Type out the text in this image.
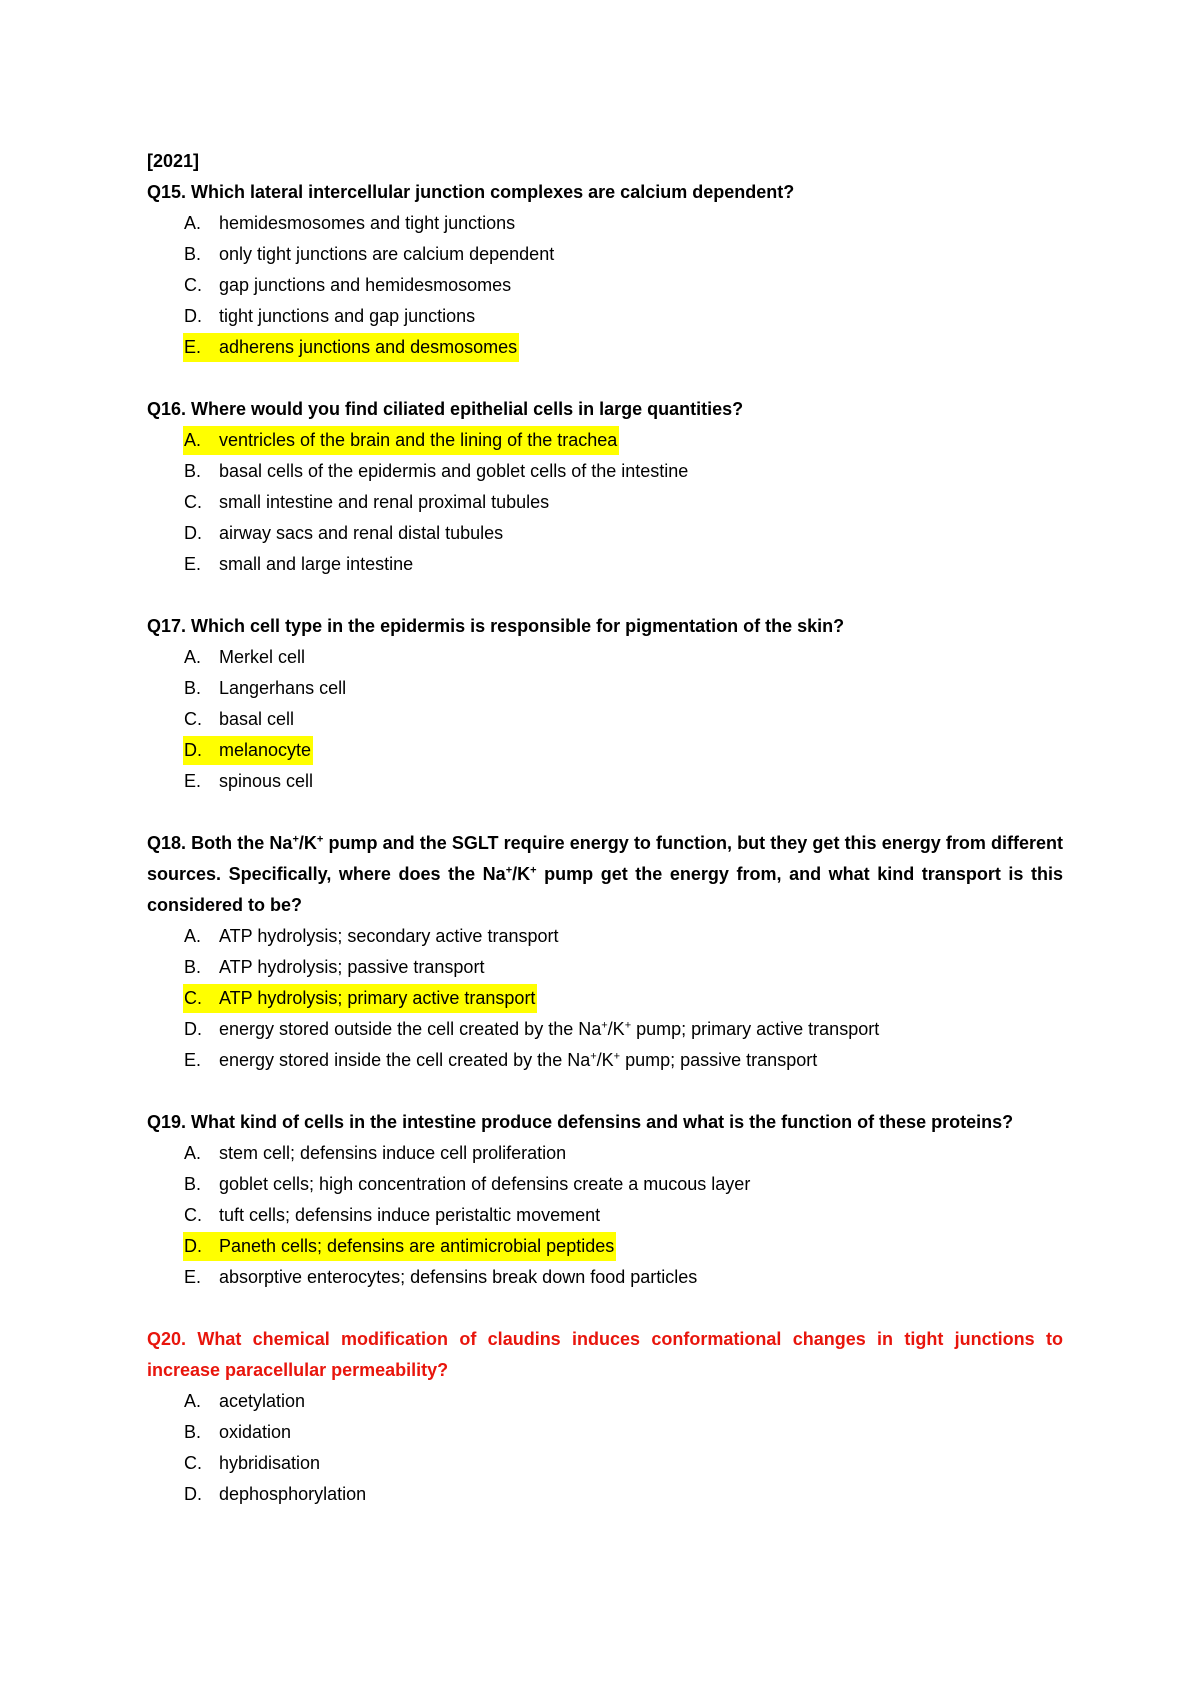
[2021]
Q15. Which lateral intercellular junction complexes are calcium dependent?
A. hemidesmosomes and tight junctions
B. only tight junctions are calcium dependent
C. gap junctions and hemidesmosomes
D. tight junctions and gap junctions
E. adherens junctions and desmosomes
Q16. Where would you find ciliated epithelial cells in large quantities?
A. ventricles of the brain and the lining of the trachea
B. basal cells of the epidermis and goblet cells of the intestine
C. small intestine and renal proximal tubules
D. airway sacs and renal distal tubules
E. small and large intestine
Q17. Which cell type in the epidermis is responsible for pigmentation of the skin?
A. Merkel cell
B. Langerhans cell
C. basal cell
D. melanocyte
E. spinous cell
Q18. Both the Na+/K+ pump and the SGLT require energy to function, but they get this energy from different sources. Specifically, where does the Na+/K+ pump get the energy from, and what kind transport is this considered to be?
A. ATP hydrolysis; secondary active transport
B. ATP hydrolysis; passive transport
C. ATP hydrolysis; primary active transport
D. energy stored outside the cell created by the Na+/K+ pump; primary active transport
E. energy stored inside the cell created by the Na+/K+ pump; passive transport
Q19. What kind of cells in the intestine produce defensins and what is the function of these proteins?
A. stem cell; defensins induce cell proliferation
B. goblet cells; high concentration of defensins create a mucous layer
C. tuft cells; defensins induce peristaltic movement
D. Paneth cells; defensins are antimicrobial peptides
E. absorptive enterocytes; defensins break down food particles
Q20. What chemical modification of claudins induces conformational changes in tight junctions to increase paracellular permeability?
A. acetylation
B. oxidation
C. hybridisation
D. dephosphorylation
